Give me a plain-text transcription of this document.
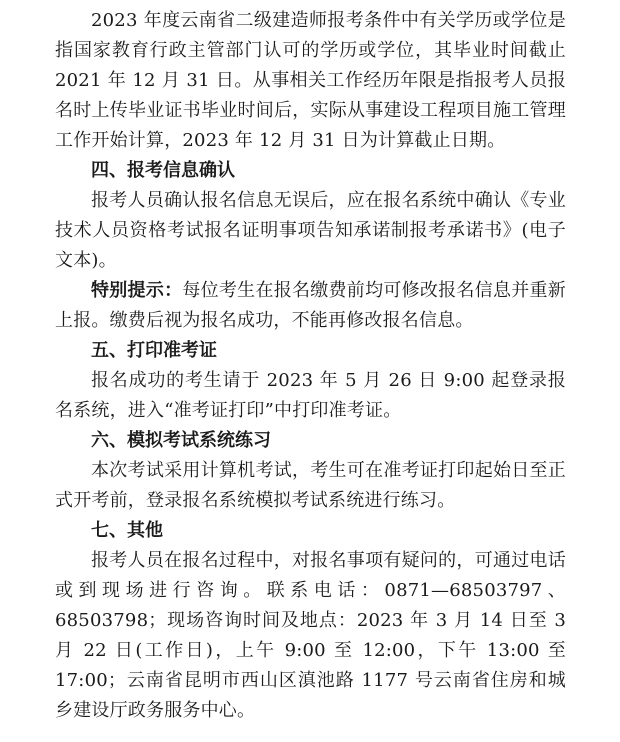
2023 年度云南省二级建造师报考条件中有关学历或学位是指国家教育行政主管部门认可的学历或学位，其毕业时间截止 2021 年 12 月 31 日。从事相关工作经历年限是指报考人员报名时上传毕业证书毕业时间后，实际从事建设工程项目施工管理工作开始计算，2023 年 12 月 31 日为计算截止日期。

四、报考信息确认

报考人员确认报名信息无误后，应在报名系统中确认《专业技术人员资格考试报名证明事项告知承诺制报考承诺书》(电子文本)。

特别提示：每位考生在报名缴费前均可修改报名信息并重新上报。缴费后视为报名成功，不能再修改报名信息。

五、打印准考证

报名成功的考生请于 2023 年 5 月 26 日 9:00 起登录报名系统，进入“准考证打印”中打印准考证。

六、模拟考试系统练习

本次考试采用计算机考试，考生可在准考证打印起始日至正式开考前，登录报名系统模拟考试系统进行练习。

七、其他

报考人员在报名过程中，对报名事项有疑问的，可通过电话或到现场进行咨询。联系电话：0871—68503797、68503798；现场咨询时间及地点：2023 年 3 月 14 日至 3 月 22 日(工作日)，上午 9:00 至 12:00，下午 13:00 至 17:00；云南省昆明市西山区滇池路 1177 号云南省住房和城乡建设厅政务服务中心。
